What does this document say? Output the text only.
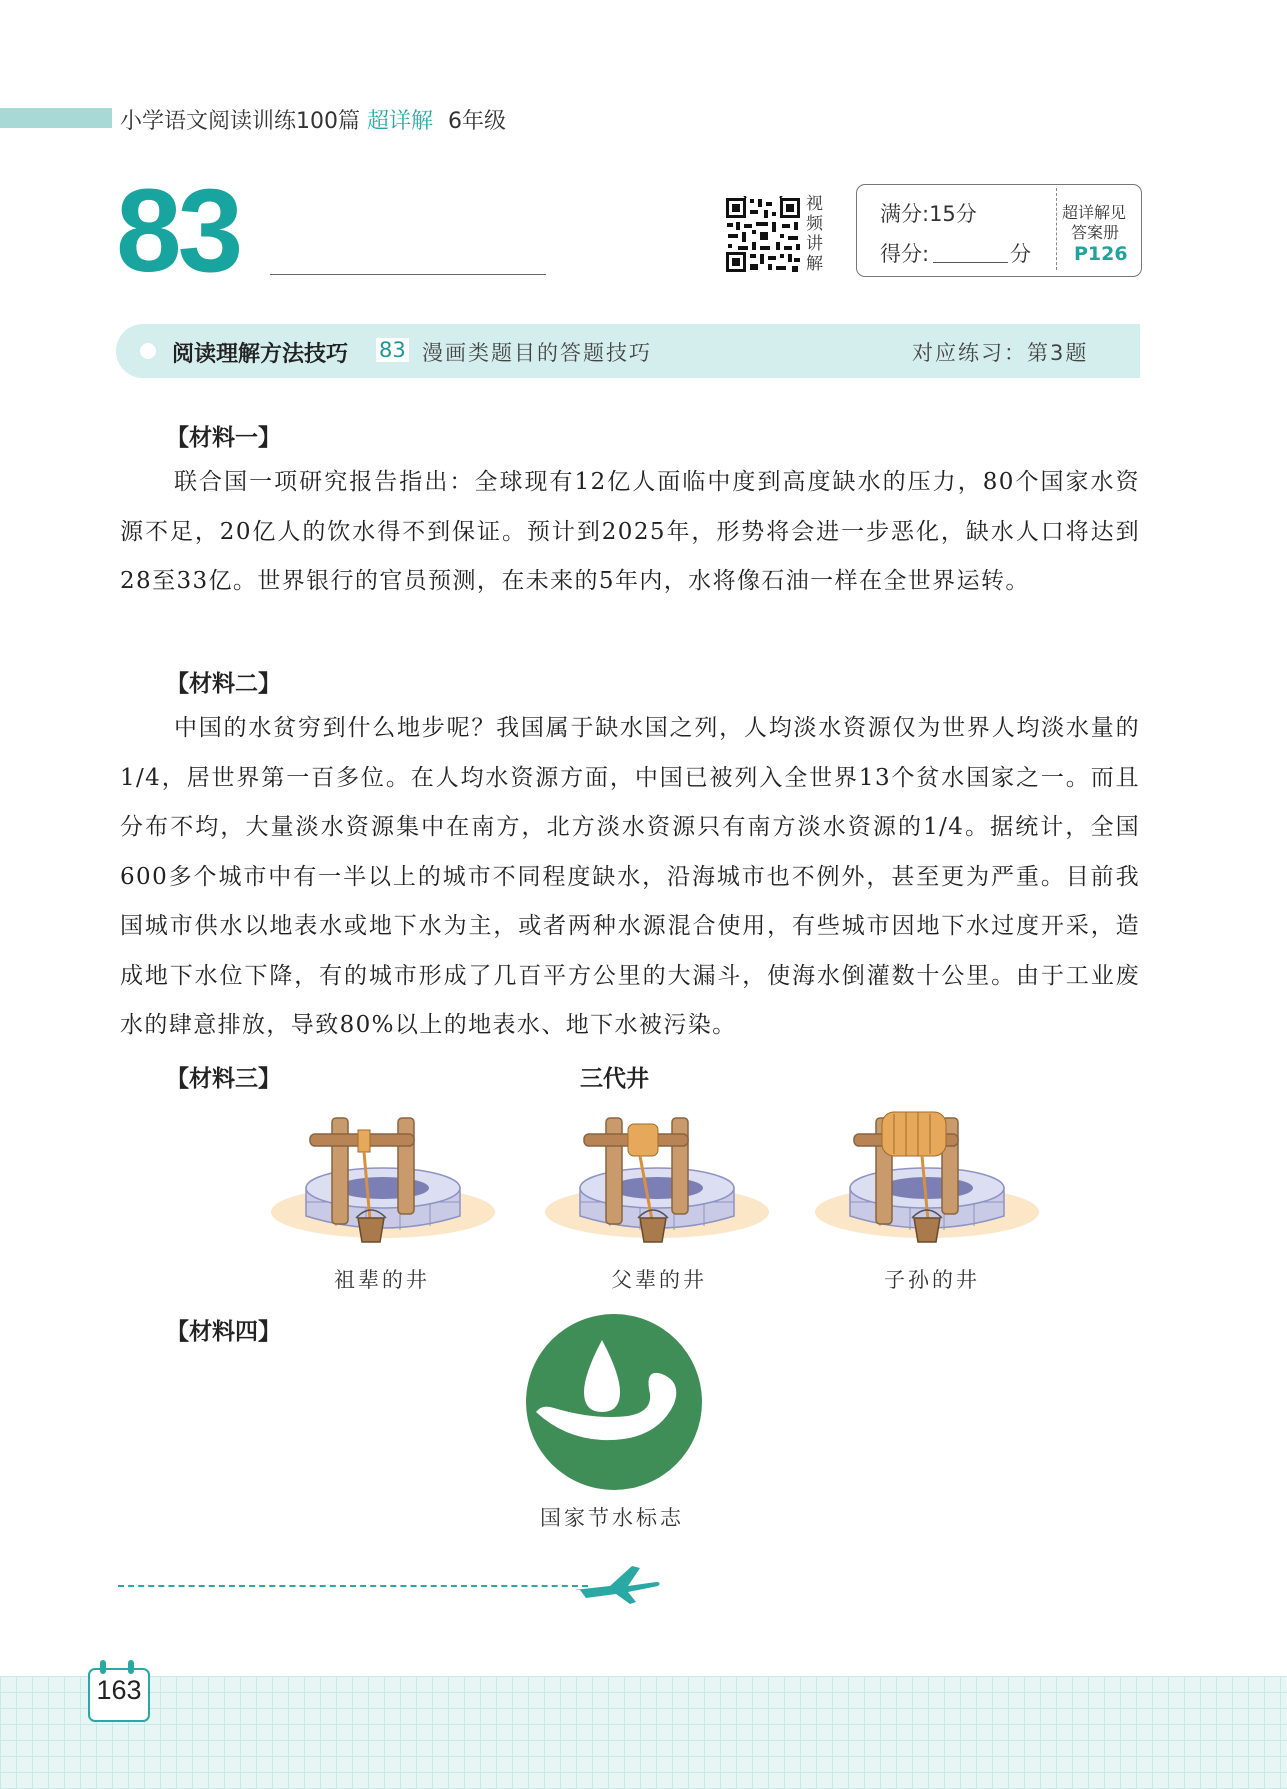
小学语文阅读训练100篇 超详解 6年级
83	视
频
讲
解
满分:15分
得分:	分
超详解见
答案册
P126
阅读理解方法技巧 83 漫画类题目的答题技巧	对应练习：第3题
【材料一】
联合国一项研究报告指出：全球现有12亿人面临中度到高度缺水的压力，80个国家水资源不足，20亿人的饮水得不到保证。预计到2025年，形势将会进一步恶化，缺水人口将达到28至33亿。世界银行的官员预测，在未来的5年内，水将像石油一样在全世界运转。
【材料二】
中国的水贫穷到什么地步呢？我国属于缺水国之列，人均淡水资源仅为世界人均淡水量的1/4，居世界第一百多位。在人均水资源方面，中国已被列入全世界13个贫水国家之一。而且分布不均，大量淡水资源集中在南方，北方淡水资源只有南方淡水资源的1/4。据统计，全国600多个城市中有一半以上的城市不同程度缺水，沿海城市也不例外，甚至更为严重。目前我国城市供水以地表水或地下水为主，或者两种水源混合使用，有些城市因地下水过度开采，造成地下水位下降，有的城市形成了几百平方公里的大漏斗，使海水倒灌数十公里。由于工业废水的肆意排放，导致80%以上的地表水、地下水被污染。
【材料三】	三代井
祖辈的井	父辈的井	子孙的井
【材料四】
国家节水标志
163
